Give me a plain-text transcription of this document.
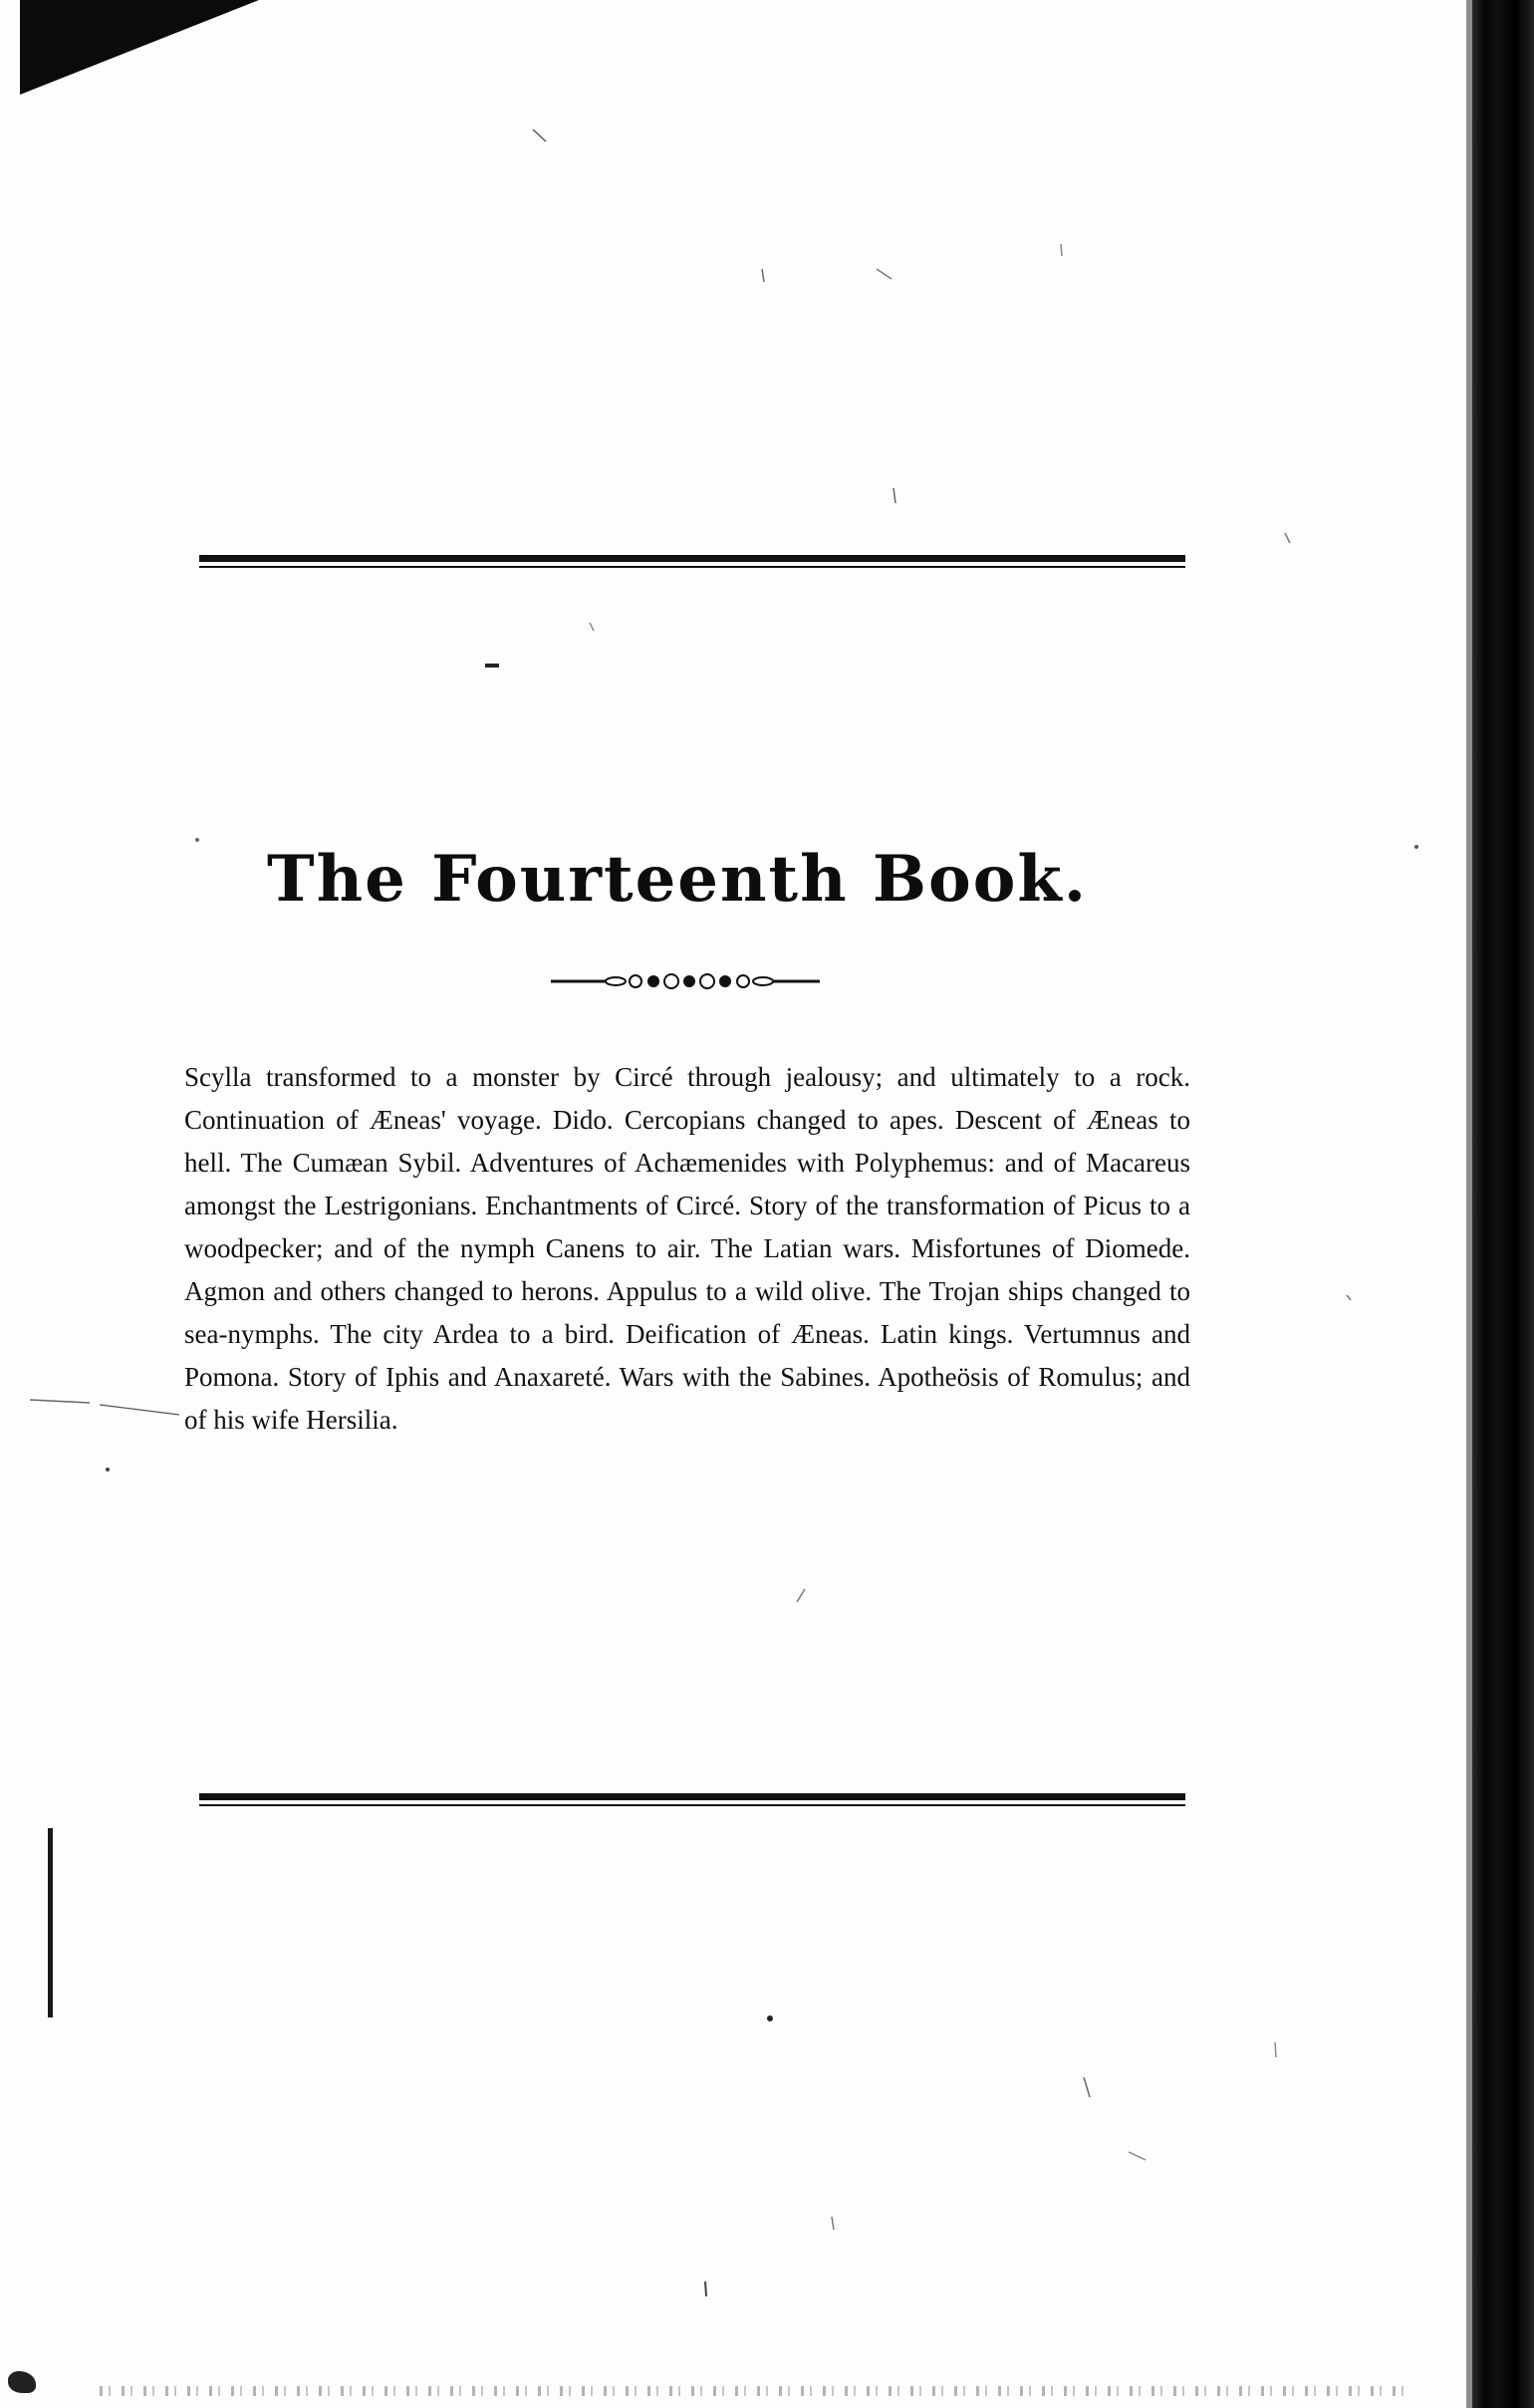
The Fourteenth Book.
Scylla transformed to a monster by Circé through jealousy; and ultimately to a rock. Continuation of Æneas' voyage. Dido. Cercopians changed to apes. Descent of Æneas to hell. The Cumæan Sybil. Adventures of Achæmenides with Polyphemus: and of Macareus amongst the Lestrigonians. Enchantments of Circé. Story of the transformation of Picus to a woodpecker; and of the nymph Canens to air. The Latian wars. Misfortunes of Diomede. Agmon and others changed to herons. Appulus to a wild olive. The Trojan ships changed to sea-nymphs. The city Ardea to a bird. Deification of Æneas. Latin kings. Vertumnus and Pomona. Story of Iphis and Anaxareté. Wars with the Sabines. Apotheösis of Romulus; and of his wife Hersilia.
